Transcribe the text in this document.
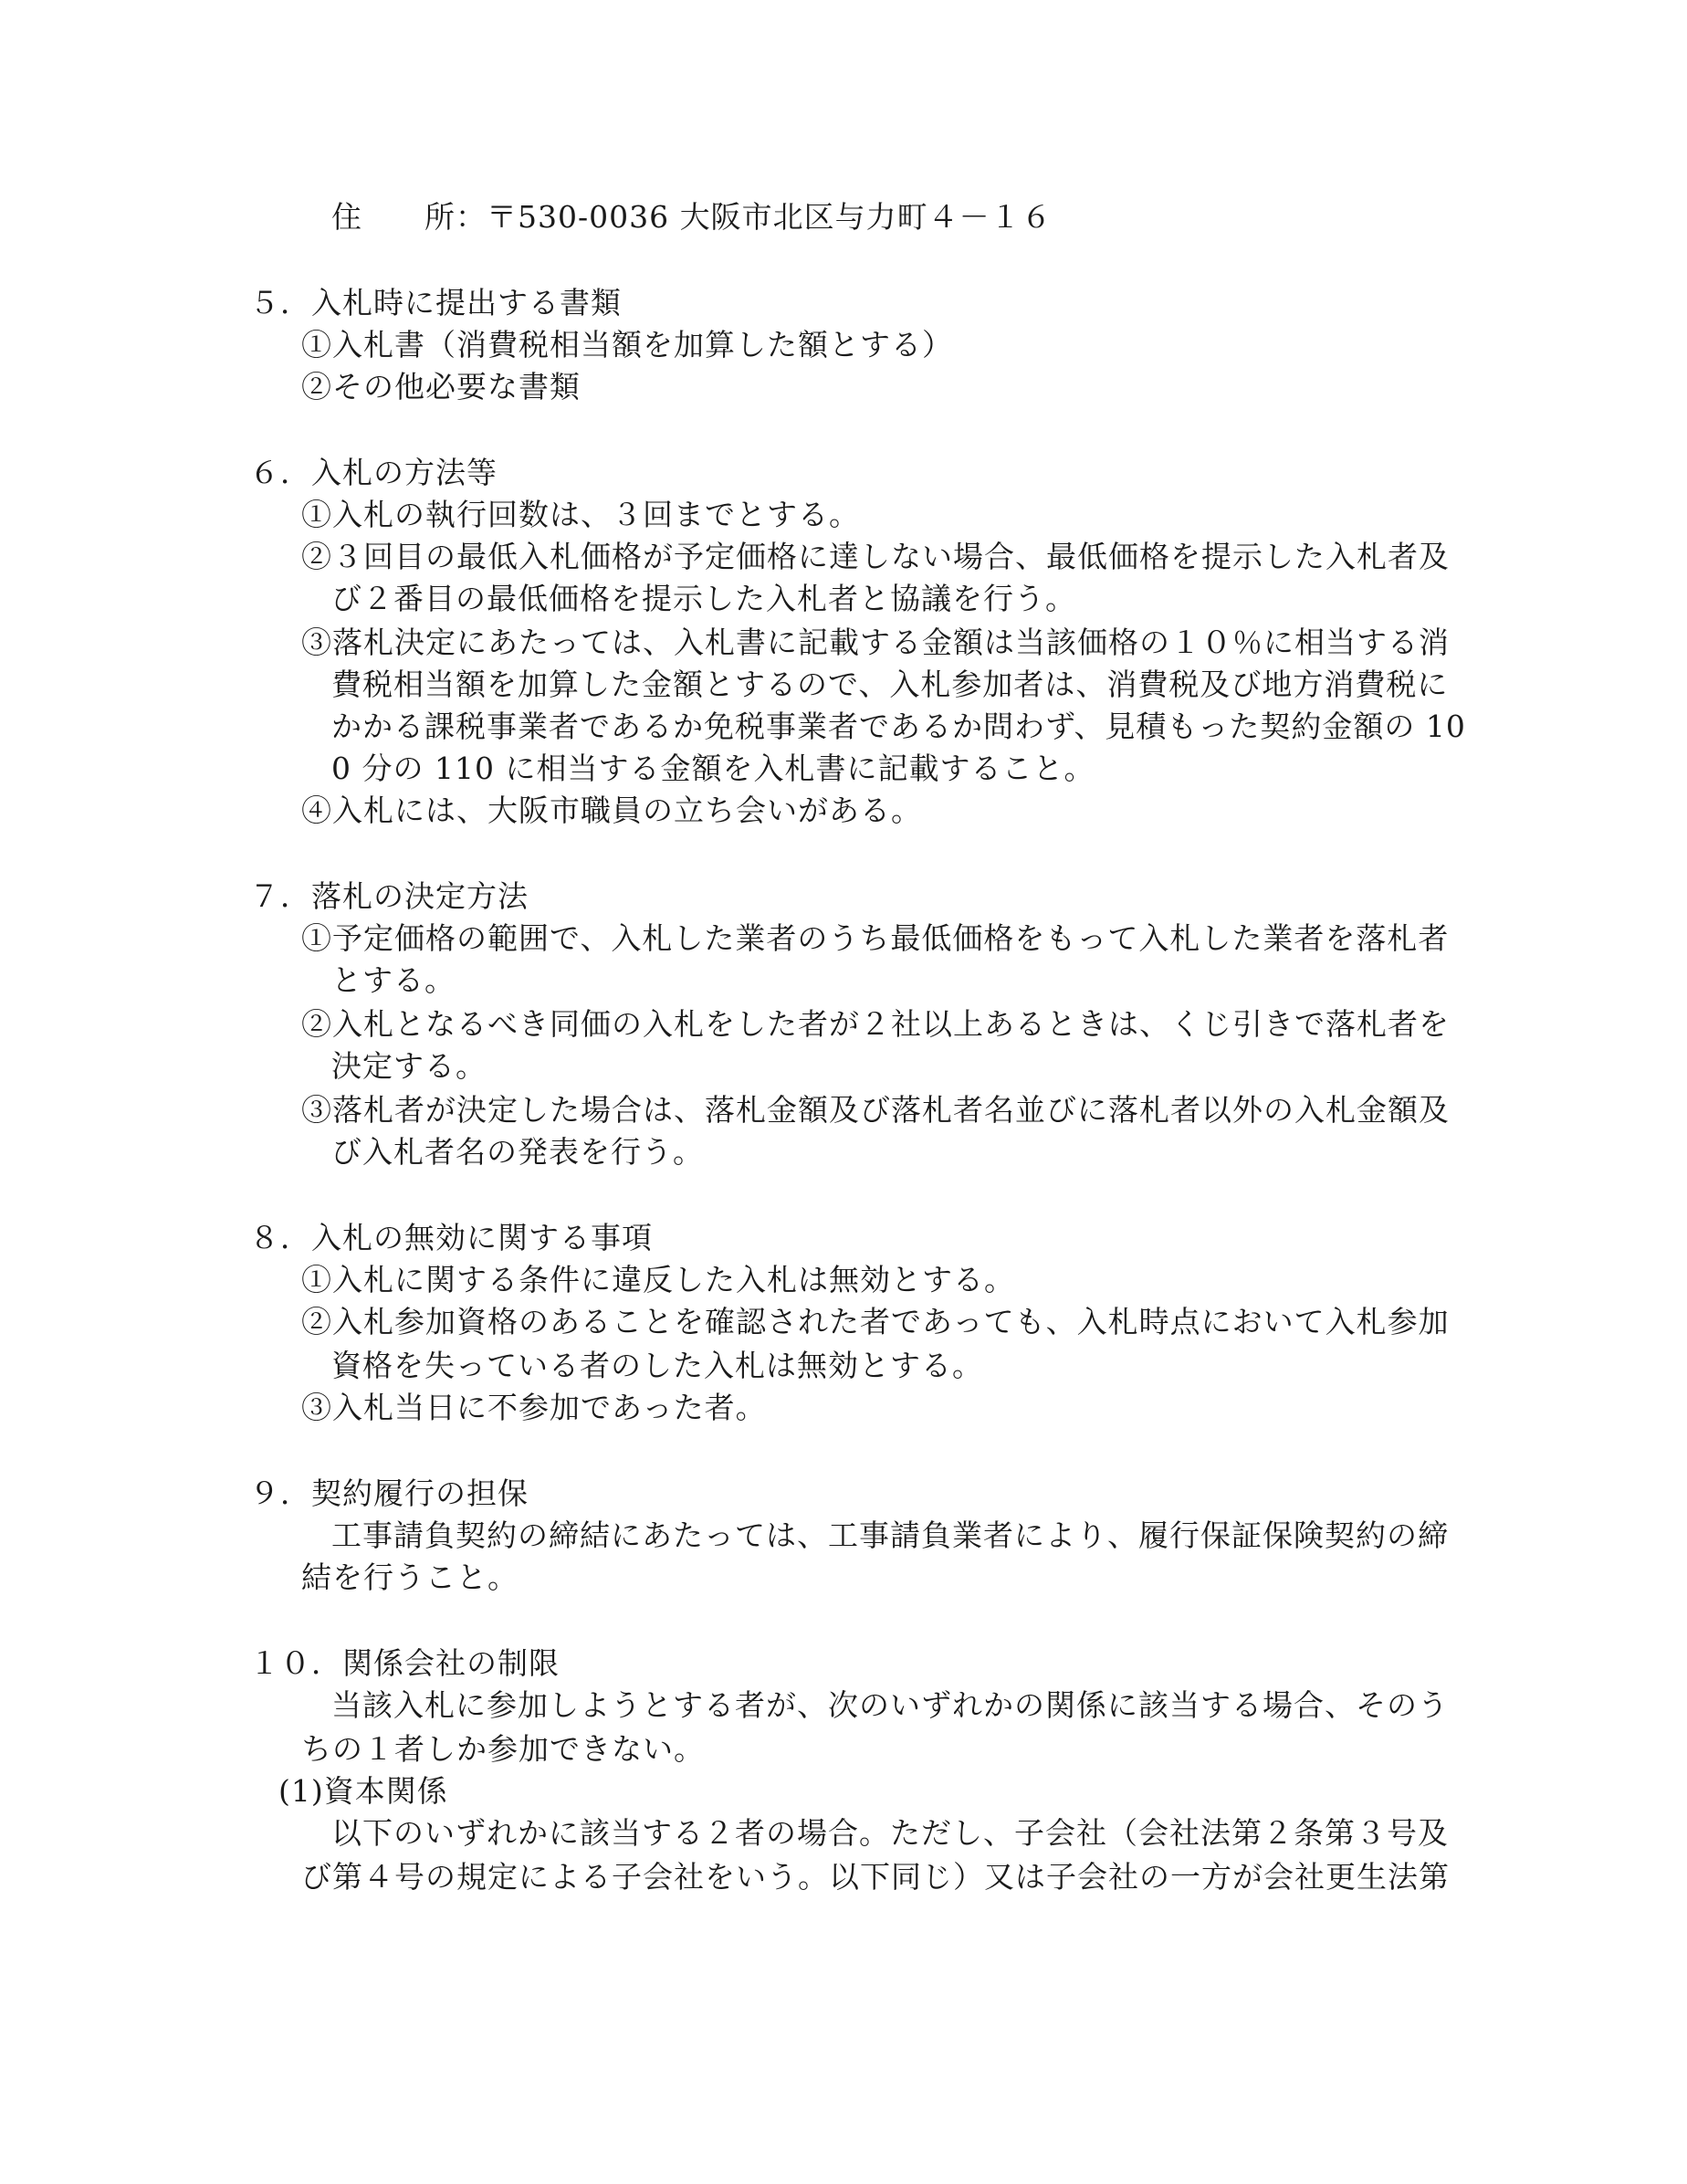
住　　所：〒530-0036 大阪市北区与力町４－１６
５．入札時に提出する書類
①入札書（消費税相当額を加算した額とする）
②その他必要な書類
６．入札の方法等
①入札の執行回数は、３回までとする。
②３回目の最低入札価格が予定価格に達しない場合、最低価格を提示した入札者及
び２番目の最低価格を提示した入札者と協議を行う。
③落札決定にあたっては、入札書に記載する金額は当該価格の１０％に相当する消
費税相当額を加算した金額とするので、入札参加者は、消費税及び地方消費税に
かかる課税事業者であるか免税事業者であるか問わず、見積もった契約金額の 10
0 分の 110 に相当する金額を入札書に記載すること。
④入札には、大阪市職員の立ち会いがある。
７．落札の決定方法
①予定価格の範囲で、入札した業者のうち最低価格をもって入札した業者を落札者
とする。
②入札となるべき同価の入札をした者が２社以上あるときは、くじ引きで落札者を
決定する。
③落札者が決定した場合は、落札金額及び落札者名並びに落札者以外の入札金額及
び入札者名の発表を行う。
８．入札の無効に関する事項
①入札に関する条件に違反した入札は無効とする。
②入札参加資格のあることを確認された者であっても、入札時点において入札参加
資格を失っている者のした入札は無効とする。
③入札当日に不参加であった者。
９．契約履行の担保
工事請負契約の締結にあたっては、工事請負業者により、履行保証保険契約の締
結を行うこと。
１０．関係会社の制限
当該入札に参加しようとする者が、次のいずれかの関係に該当する場合、そのう
ちの１者しか参加できない。
(1)資本関係
以下のいずれかに該当する２者の場合。ただし、子会社（会社法第２条第３号及
び第４号の規定による子会社をいう。以下同じ）又は子会社の一方が会社更生法第
